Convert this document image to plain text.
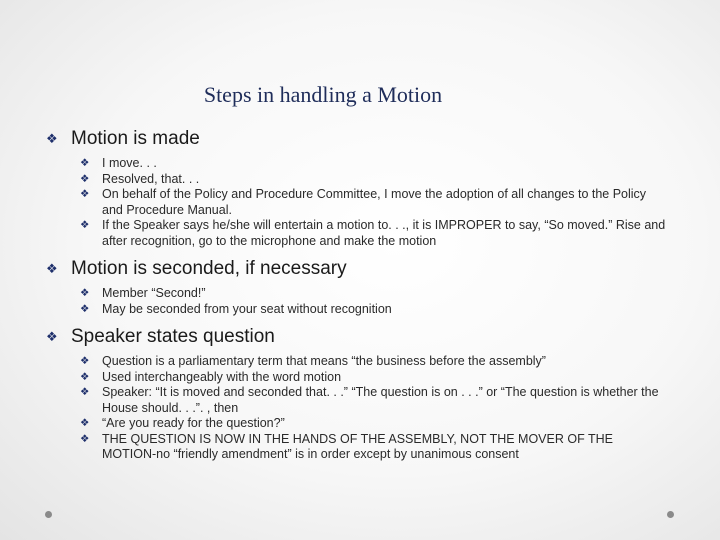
Steps in handling a Motion
❖ Motion is made
❖	I move. . .
❖	Resolved, that. . .
❖	On behalf of the Policy and Procedure Committee, I move the adoption of all changes to the Policy and Procedure Manual.
❖	If the Speaker says he/she will entertain a motion to. . ., it is IMPROPER to say, “So moved.” Rise and after recognition, go to the microphone and make the motion
❖ Motion is seconded, if necessary
❖	Member “Second!”
❖	May be seconded from your seat without recognition
❖ Speaker states question
❖	Question is a parliamentary term that means “the business before the assembly”
❖	Used interchangeably with the word motion
❖	Speaker: “It is moved and seconded that. . .” “The question is on . . .” or “The question is whether the House should. . .”. , then
❖	“Are you ready for the question?”
❖	THE QUESTION IS NOW IN THE HANDS OF THE ASSEMBLY, NOT THE MOVER OF THE MOTION-no “friendly amendment” is in order except by unanimous consent
